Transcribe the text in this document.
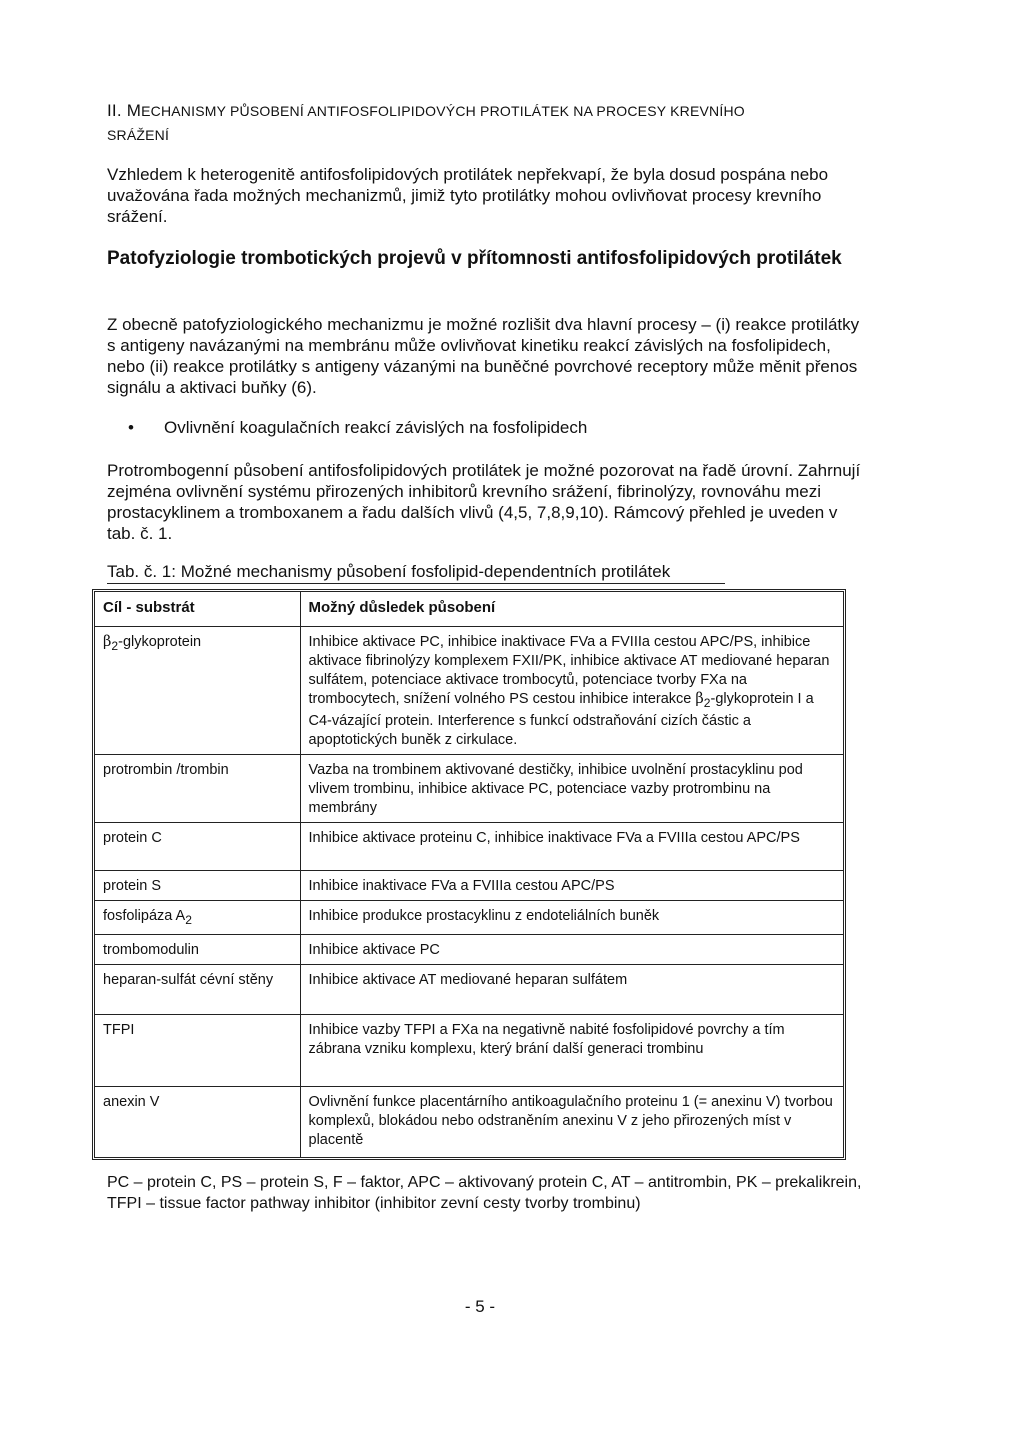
II. MECHANISMY PŮSOBENÍ ANTIFOSFOLIPIDOVÝCH PROTILÁTEK NA PROCESY KREVNÍHO
SRÁŽENÍ
Vzhledem k heterogenitě antifosfolipidových protilátek nepřekvapí, že byla dosud pospána nebo uvažována řada možných mechanizmů, jimiž tyto protilátky mohou ovlivňovat procesy krevního srážení.
Patofyziologie trombotických projevů v přítomnosti antifosfolipidových protilátek
Z obecně patofyziologického mechanizmu je možné rozlišit dva hlavní procesy – (i) reakce protilátky s antigeny navázanými na membránu může ovlivňovat kinetiku reakcí závislých na fosfolipidech, nebo (ii) reakce protilátky s antigeny vázanými na buněčné povrchové receptory může měnit přenos signálu a aktivaci buňky (6).
• Ovlivnění koagulačních reakcí závislých na fosfolipidech
Protrombogenní působení antifosfolipidových protilátek je možné pozorovat na řadě úrovní. Zahrnují zejména ovlivnění systému přirozených inhibitorů krevního srážení, fibrinolýzy, rovnováhu mezi prostacyklinem a tromboxanem a řadu dalších vlivů (4,5, 7,8,9,10). Rámcový přehled je uveden v tab. č. 1.
Tab. č. 1: Možné mechanismy působení fosfolipid-dependentních protilátek
Cíl - substrát	Možný důsledek působení
$\beta_2$-glykoprotein	Inhibice aktivace PC, inhibice inaktivace FVa a FVIIIa cestou APC/PS, inhibice aktivace fibrinolýzy komplexem FXII/PK, inhibice aktivace AT mediované heparan sulfátem, potenciace aktivace trombocytů, potenciace tvorby FXa na trombocytech, snížení volného PS cestou inhibice interakce $\beta_2$-glykoprotein I a C4-vázající protein. Interference s funkcí odstraňování cizích částic a apoptotických buněk z cirkulace.
protrombin /trombin	Vazba na trombinem aktivované destičky, inhibice uvolnění prostacyklinu pod vlivem trombinu, inhibice aktivace PC, potenciace vazby protrombinu na membrány
protein C	Inhibice aktivace proteinu C, inhibice inaktivace FVa a FVIIIa cestou APC/PS
protein S	Inhibice inaktivace FVa a FVIIIa cestou APC/PS
fosfolipáza $A_2$	Inhibice produkce prostacyklinu z endoteliálních buněk
trombomodulin	Inhibice aktivace PC
heparan-sulfát cévní stěny	Inhibice aktivace AT mediované heparan sulfátem
TFPI	Inhibice vazby TFPI a FXa na negativně nabité fosfolipidové povrchy a tím zábrana vzniku komplexu, který brání další generaci trombinu
anexin V	Ovlivnění funkce placentárního antikoagulačního proteinu 1 (= anexinu V) tvorbou komplexů, blokádou nebo odstraněním anexinu V z jeho přirozených míst v placentě
PC – protein C, PS – protein S, F – faktor, APC – aktivovaný protein C, AT – antitrombin, PK – prekalikrein, TFPI – tissue factor pathway inhibitor (inhibitor zevní cesty tvorby trombinu)
- 5 -
